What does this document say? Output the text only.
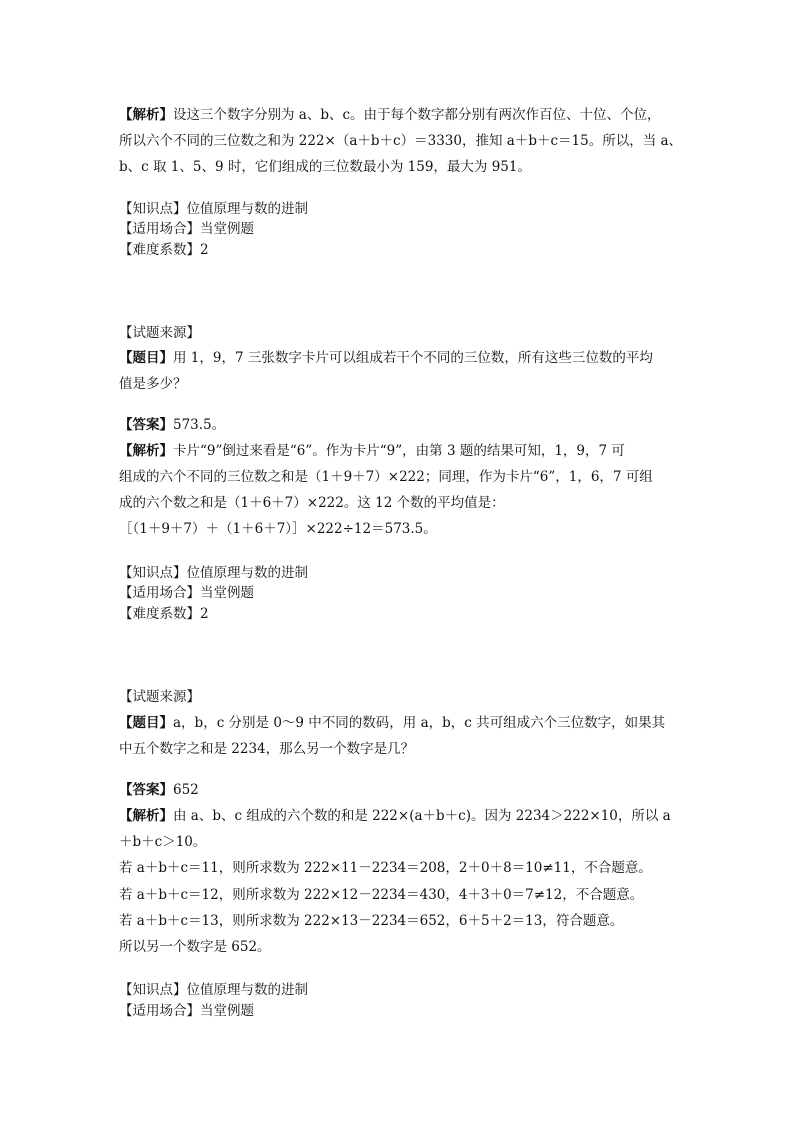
【解析】设这三个数字分别为 a、b、c。由于每个数字都分别有两次作百位、十位、个位，
所以六个不同的三位数之和为 222×（a＋b＋c）＝3330，推知 a＋b＋c＝15。所以，当 a、
b、c 取 1、5、9 时，它们组成的三位数最小为 159，最大为 951。
【知识点】位值原理与数的进制
【适用场合】当堂例题
【难度系数】2
【试题来源】
【题目】用 1，9，7 三张数字卡片可以组成若干个不同的三位数，所有这些三位数的平均
值是多少？
【答案】573.5。
【解析】卡片“9”倒过来看是“6”。作为卡片“9”，由第 3 题的结果可知，1，9，7 可
组成的六个不同的三位数之和是（1＋9＋7）×222；同理，作为卡片“6”，1，6，7 可组
成的六个数之和是（1＋6＋7）×222。这 12 个数的平均值是：
［（1＋9＋7）＋（1＋6＋7）］×222÷12＝573.5。
【知识点】位值原理与数的进制
【适用场合】当堂例题
【难度系数】2
【试题来源】
【题目】a，b，c 分别是 0～9 中不同的数码，用 a，b，c 共可组成六个三位数字，如果其
中五个数字之和是 2234，那么另一个数字是几？
【答案】652
【解析】由 a、b、c 组成的六个数的和是 222×(a＋b＋c)。因为 2234＞222×10，所以 a
＋b＋c＞10。
若 a＋b＋c＝11，则所求数为 222×11－2234＝208，2＋0＋8＝10≠11，不合题意。
若 a＋b＋c＝12，则所求数为 222×12－2234＝430，4＋3＋0＝7≠12，不合题意。
若 a＋b＋c＝13，则所求数为 222×13－2234＝652，6＋5＋2＝13，符合题意。
所以另一个数字是 652。
【知识点】位值原理与数的进制
【适用场合】当堂例题
